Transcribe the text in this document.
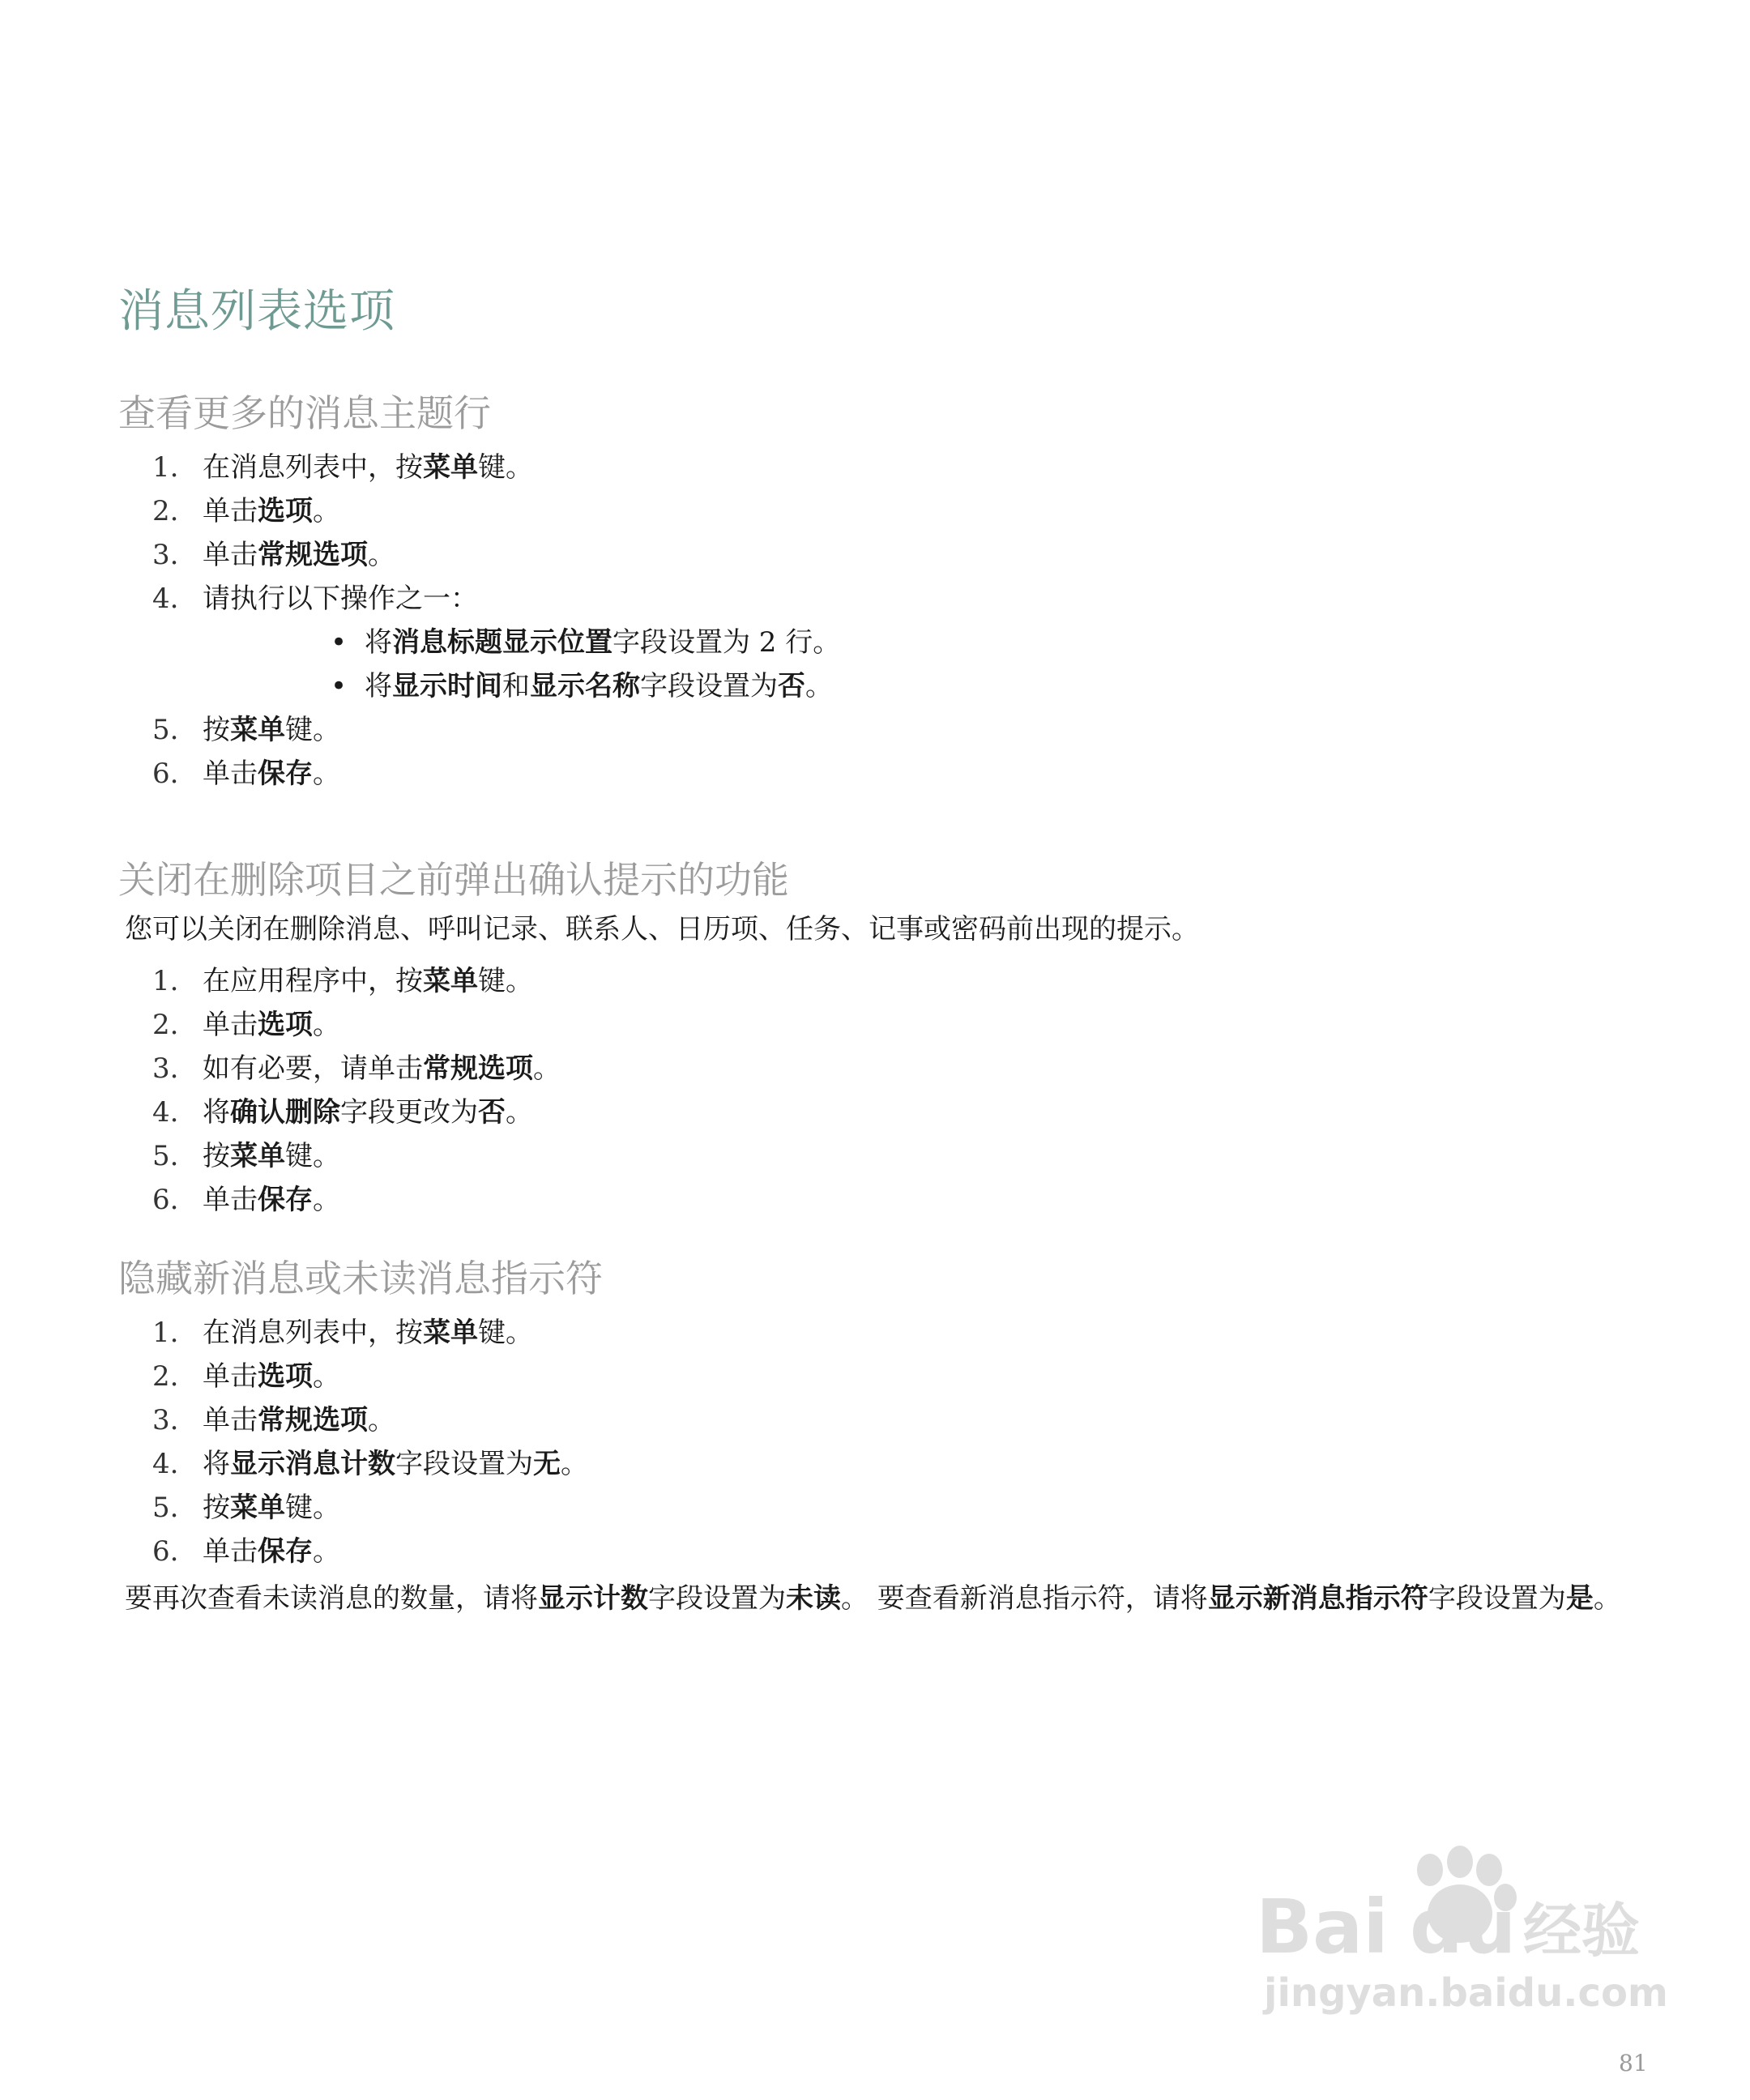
消息列表选项
查看更多的消息主题行
1. 在消息列表中，按菜单键。
2. 单击选项。
3. 单击常规选项。
4. 请执行以下操作之一：
• 将消息标题显示位置字段设置为 2 行。
• 将显示时间和显示名称字段设置为否。
5. 按菜单键。
6. 单击保存。
关闭在删除项目之前弹出确认提示的功能
您可以关闭在删除消息、呼叫记录、联系人、日历项、任务、记事或密码前出现的提示。
1. 在应用程序中，按菜单键。
2. 单击选项。
3. 如有必要，请单击常规选项。
4. 将确认删除字段更改为否。
5. 按菜单键。
6. 单击保存。
隐藏新消息或未读消息指示符
1. 在消息列表中，按菜单键。
2. 单击选项。
3. 单击常规选项。
4. 将显示消息计数字段设置为无。
5. 按菜单键。
6. 单击保存。
要再次查看未读消息的数量，请将显示计数字段设置为未读。 要查看新消息指示符，请将显示新消息指示符字段设置为是。
Bai du 经验
jingyan.baidu.com
81
